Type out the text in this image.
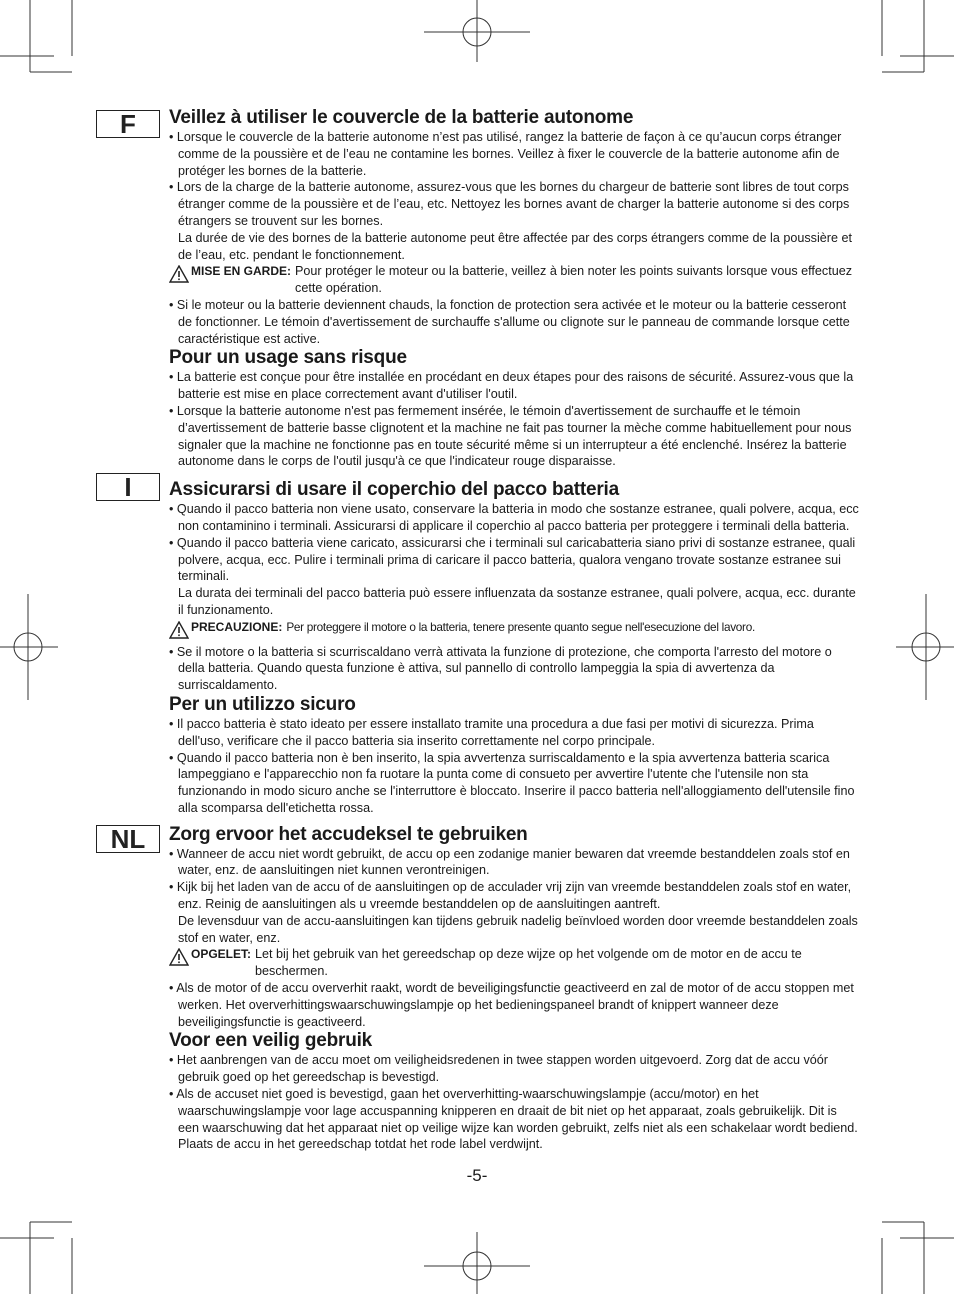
F
I
NL
Veillez à utiliser le couvercle de la batterie autonome

• Lorsque le couvercle de la batterie autonome n’est pas utilisé, rangez la batterie de façon à ce qu’aucun corps étranger comme de la poussière et de l’eau ne contamine les bornes. Veillez à fixer le couvercle de la batterie autonome afin de protéger les bornes de la batterie.

• Lors de la charge de la batterie autonome, assurez-vous que les bornes du chargeur de batterie sont libres de tout corps étranger comme de la poussière et de l’eau, etc. Nettoyez les bornes avant de charger la batterie autonome si des corps étrangers se trouvent sur les bornes.

La durée de vie des bornes de la batterie autonome peut être affectée par des corps étrangers comme de la poussière et de l’eau, etc. pendant le fonctionnement.

MISE EN GARDE: Pour protéger le moteur ou la batterie, veillez à bien noter les points suivants lorsque vous effectuez cette opération.

• Si le moteur ou la batterie deviennent chauds, la fonction de protection sera activée et le moteur ou la batterie cesseront de fonctionner. Le témoin d'avertissement de surchauffe s'allume ou clignote sur le panneau de commande lorsque cette caractéristique est active.

Pour un usage sans risque

• La batterie est conçue pour être installée en procédant en deux étapes pour des raisons de sécurité. Assurez-vous que la batterie est mise en place correctement avant d'utiliser l'outil.

• Lorsque la batterie autonome n'est pas fermement insérée, le témoin d'avertissement de surchauffe et le témoin d’avertissement de batterie basse clignotent et la machine ne fait pas tourner la mèche comme habituellement pour nous signaler que la machine ne fonctionne pas en toute sécurité même si un interrupteur a été enclenché. Insérez la batterie autonome dans le corps de l'outil jusqu'à ce que l'indicateur rouge disparaisse.

Assicurarsi di usare il coperchio del pacco batteria

• Quando il pacco batteria non viene usato, conservare la batteria in modo che sostanze estranee, quali polvere, acqua, ecc non contaminino i terminali. Assicurarsi di applicare il coperchio al pacco batteria per proteggere i terminali della batteria.

• Quando il pacco batteria viene caricato, assicurarsi che i terminali sul caricabatteria siano privi di sostanze estranee, quali polvere, acqua, ecc. Pulire i terminali prima di caricare il pacco batteria, qualora vengano trovate sostanze estranee sui terminali.

La durata dei terminali del pacco batteria può essere influenzata da sostanze estranee, quali polvere, acqua, ecc. durante il funzionamento.

PRECAUZIONE: Per proteggere il motore o la batteria, tenere presente quanto segue nell'esecuzione del lavoro.

• Se il motore o la batteria si scurriscaldano verrà attivata la funzione di protezione, che comporta l'arresto del motore o della batteria. Quando questa funzione è attiva, sul pannello di controllo lampeggia la spia di avvertenza da surriscaldamento.

Per un utilizzo sicuro

• Il pacco batteria è stato ideato per essere installato tramite una procedura a due fasi per motivi di sicurezza. Prima dell'uso, verificare che il pacco batteria sia inserito correttamente nel corpo principale.

• Quando il pacco batteria non è ben inserito, la spia avvertenza surriscaldamento e la spia avvertenza batteria scarica lampeggiano e l'apparecchio non fa ruotare la punta come di consueto per avvertire l'utente che l'utensile non sta funzionando in modo sicuro anche se l'interruttore è bloccato. Inserire il pacco batteria nell'alloggiamento dell'utensile fino alla scomparsa dell'etichetta rossa.

Zorg ervoor het accudeksel te gebruiken

• Wanneer de accu niet wordt gebruikt, de accu op een zodanige manier bewaren dat vreemde bestanddelen zoals stof en water, enz. de aansluitingen niet kunnen verontreinigen.

• Kijk bij het laden van de accu of de aansluitingen op de acculader vrij zijn van vreemde bestanddelen zoals stof en water, enz. Reinig de aansluitingen als u vreemde bestanddelen op de aansluitingen aantreft.

De levensduur van de accu-aansluitingen kan tijdens gebruik nadelig beïnvloed worden door vreemde bestanddelen zoals stof en water, enz.

OPGELET: Let bij het gebruik van het gereedschap op deze wijze op het volgende om de motor en de accu te beschermen.

• Als de motor of de accu oververhit raakt, wordt de beveiligingsfunctie geactiveerd en zal de motor of de accu stoppen met werken. Het oververhittingswaarschuwingslampje op het bedieningspaneel brandt of knippert wanneer deze beveiligingsfunctie is geactiveerd.

Voor een veilig gebruik

• Het aanbrengen van de accu moet om veiligheidsredenen in twee stappen worden uitgevoerd. Zorg dat de accu vóór gebruik goed op het gereedschap is bevestigd.

• Als de accuset niet goed is bevestigd, gaan het oververhitting-waarschuwingslampje (accu/motor) en het waarschuwingslampje voor lage accuspanning knipperen en draait de bit niet op het apparaat, zoals gebruikelijk. Dit is een waarschuwing dat het apparaat niet op veilige wijze kan worden gebruikt, zelfs niet als een schakelaar wordt bediend. Plaats de accu in het gereedschap totdat het rode label verdwijnt.

-5-
